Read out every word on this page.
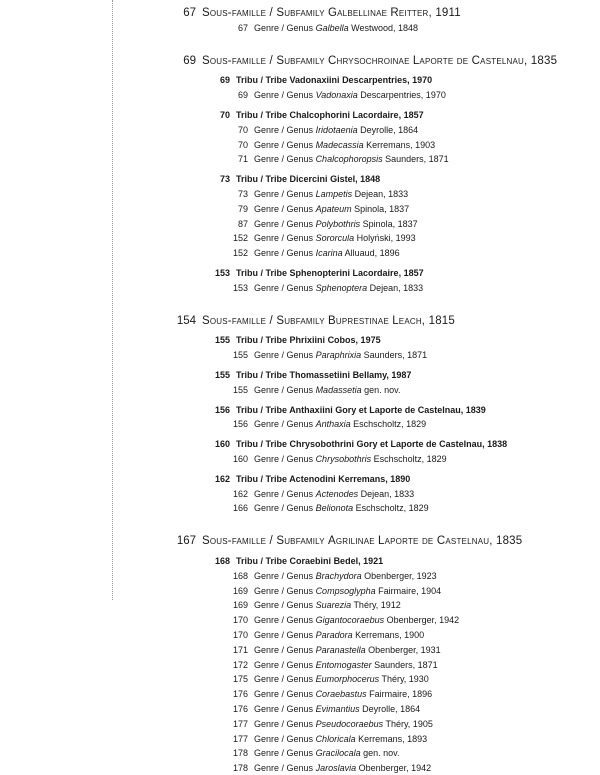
67 Sous-famille / Subfamily Galbellinae Reitter, 1911
67 Genre / Genus Galbella Westwood, 1848
69 Sous-famille / Subfamily Chrysochroinae Laporte de Castelnau, 1835
69 Tribu / Tribe Vadonaxiini Descarpentries, 1970
69 Genre / Genus Vadonaxia Descarpentries, 1970
70 Tribu / Tribe Chalcophorini Lacordaire, 1857
70 Genre / Genus Iridotaenia Deyrolle, 1864
70 Genre / Genus Madecassia Kerremans, 1903
71 Genre / Genus Chalcophoropsis Saunders, 1871
73 Tribu / Tribe Dicercini Gistel, 1848
73 Genre / Genus Lampetis Dejean, 1833
79 Genre / Genus Apateum Spinola, 1837
87 Genre / Genus Polybothris Spinola, 1837
152 Genre / Genus Sororcula Holyński, 1993
152 Genre / Genus Icarina Alluaud, 1896
153 Tribu / Tribe Sphenopterini Lacordaire, 1857
153 Genre / Genus Sphenoptera Dejean, 1833
154 Sous-famille / Subfamily Buprestinae Leach, 1815
155 Tribu / Tribe Phrixiini Cobos, 1975
155 Genre / Genus Paraphrixia Saunders, 1871
155 Tribu / Tribe Thomassetiini Bellamy, 1987
155 Genre / Genus Madassetia gen. nov.
156 Tribu / Tribe Anthaxiini Gory et Laporte de Castelnau, 1839
156 Genre / Genus Anthaxia Eschscholtz, 1829
160 Tribu / Tribe Chrysobothrini Gory et Laporte de Castelnau, 1838
160 Genre / Genus Chrysobothris Eschscholtz, 1829
162 Tribu / Tribe Actenodini Kerremans, 1890
162 Genre / Genus Actenodes Dejean, 1833
166 Genre / Genus Belionota Eschscholtz, 1829
167 Sous-famille / Subfamily Agrilinae Laporte de Castelnau, 1835
168 Tribu / Tribe Coraebini Bedel, 1921
168 Genre / Genus Brachydora Obenberger, 1923
169 Genre / Genus Compsoglypha Fairmaire, 1904
169 Genre / Genus Suarezia Théry, 1912
170 Genre / Genus Gigantocoraebus Obenberger, 1942
170 Genre / Genus Paradora Kerremans, 1900
171 Genre / Genus Paranastella Obenberger, 1931
172 Genre / Genus Entomogaster Saunders, 1871
175 Genre / Genus Eumorphocerus Théry, 1930
176 Genre / Genus Coraebastus Fairmaire, 1896
176 Genre / Genus Evimantius Deyrolle, 1864
177 Genre / Genus Pseudocoraebus Théry, 1905
177 Genre / Genus Chloricala Kerremans, 1893
178 Genre / Genus Gracilocala gen. nov.
178 Genre / Genus Jaroslavia Obenberger, 1942
